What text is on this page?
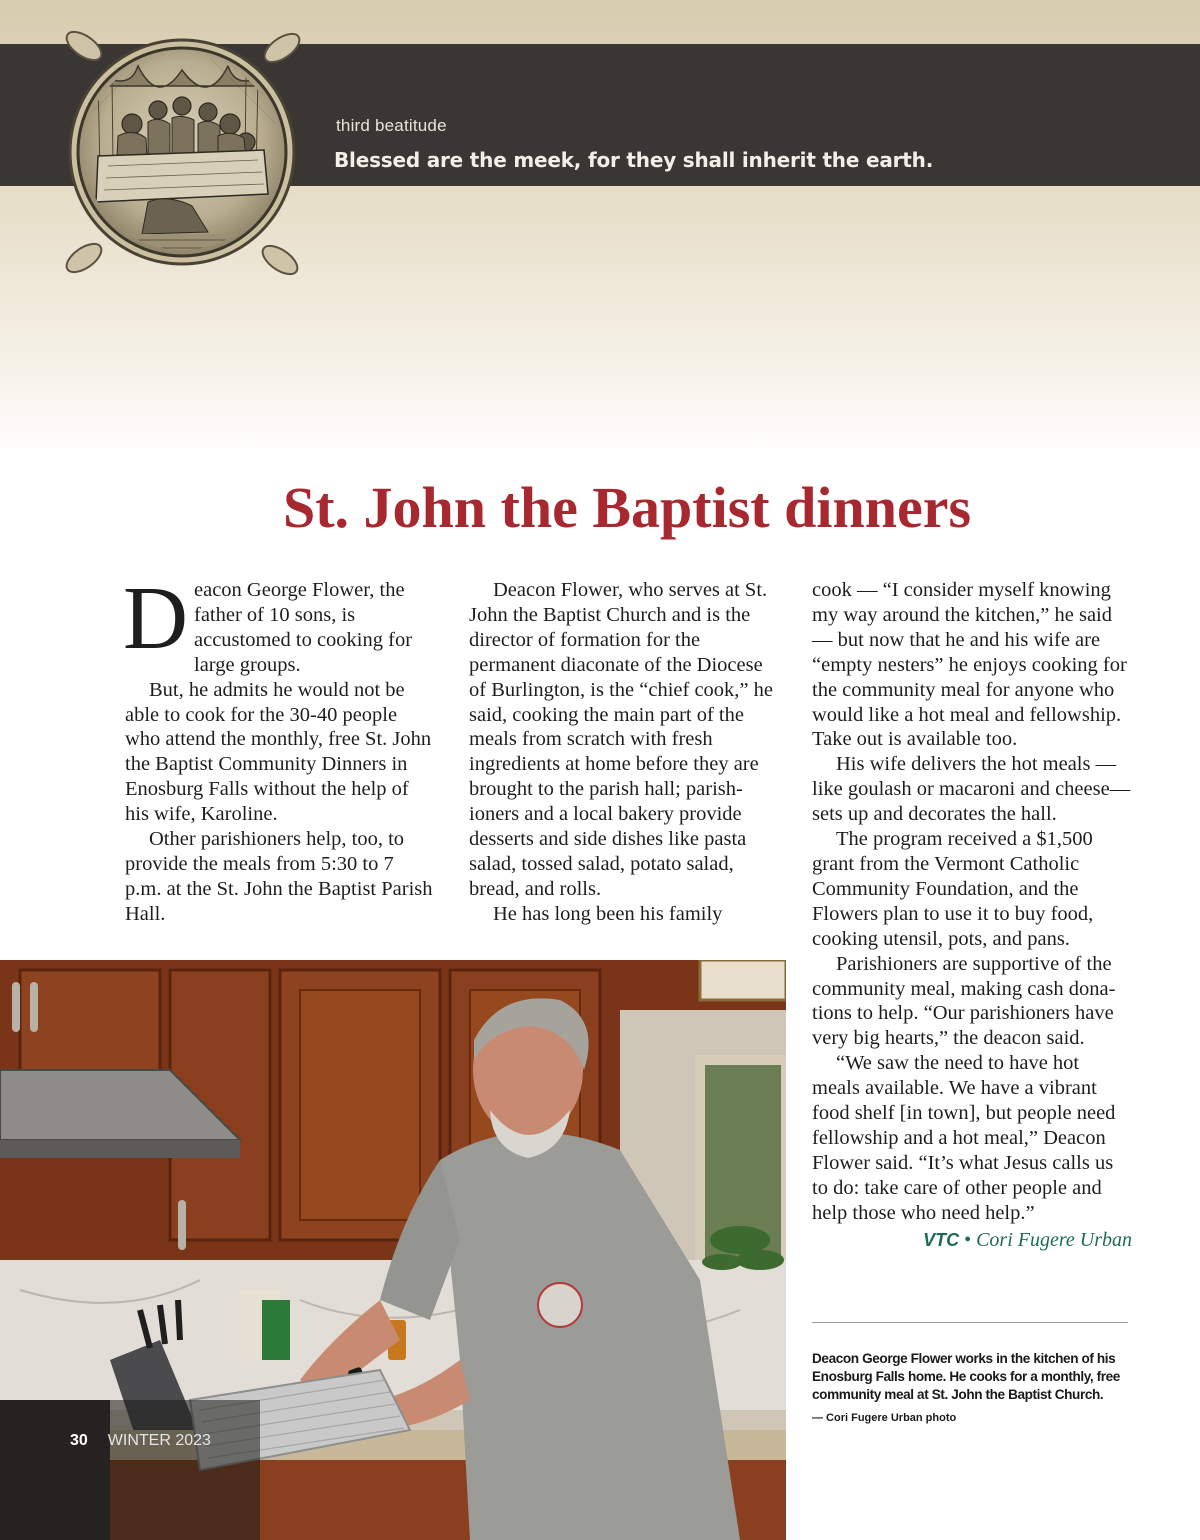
third beatitude
Blessed are the meek, for they shall inherit the earth.
St. John the Baptist dinners

Deacon George Flower, the father of 10 sons, is accustomed to cooking for large groups.

But, he admits he would not be able to cook for the 30-40 people who attend the monthly, free St. John the Baptist Community Dinners in Enosburg Falls without the help of his wife, Karoline.

Other parishioners help, too, to provide the meals from 5:30 to 7 p.m. at the St. John the Baptist Parish Hall.

Deacon Flower, who serves at St. John the Baptist Church and is the director of formation for the permanent diaconate of the Diocese of Burlington, is the “chief cook,” he said, cooking the main part of the meals from scratch with fresh ingredients at home before they are brought to the parish hall; parishioners and a local bakery provide desserts and side dishes like pasta salad, tossed salad, potato salad, bread, and rolls.

He has long been his family

cook — “I consider myself knowing my way around the kitchen,” he said — but now that he and his wife are “empty nesters” he enjoys cooking for the community meal for anyone who would like a hot meal and fellowship. Take out is available too.

His wife delivers the hot meals — like goulash or macaroni and cheese— sets up and decorates the hall.

The program received a $1,500 grant from the Vermont Catholic Community Foundation, and the Flowers plan to use it to buy food, cooking utensil, pots, and pans.

Parishioners are supportive of the community meal, making cash donations to help. “Our parishioners have very big hearts,” the deacon said.

“We saw the need to have hot meals available. We have a vibrant food shelf [in town], but people need fellowship and a hot meal,” Deacon Flower said. “It’s what Jesus calls us to do: take care of other people and help those who need help.”

VTC • Cori Fugere Urban
Deacon George Flower works in the kitchen of his Enosburg Falls home. He cooks for a monthly, free community meal at St. John the Baptist Church.
— Cori Fugere Urban photo
30 WINTER 2023
